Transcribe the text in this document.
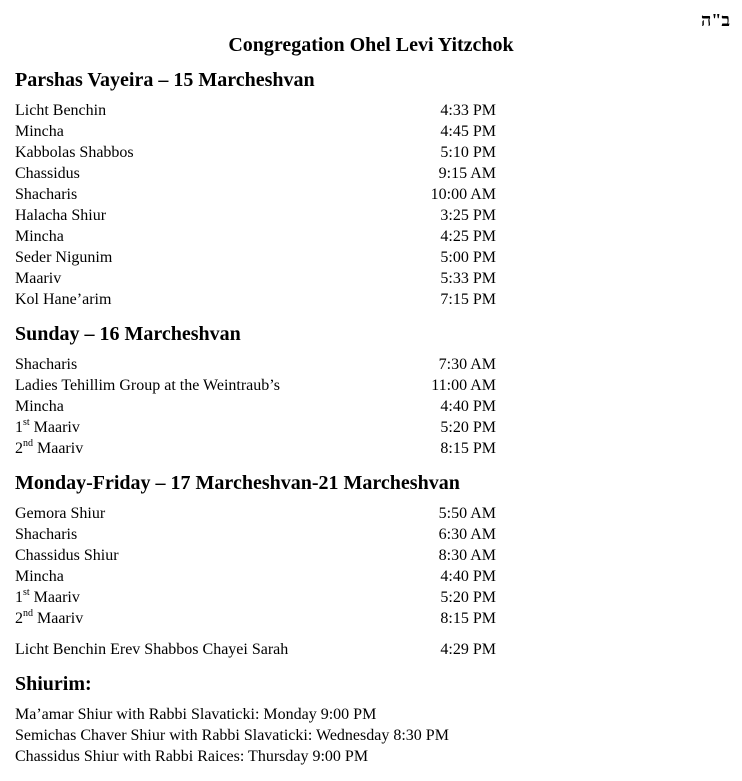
ב"ה
Congregation Ohel Levi Yitzchok
Parshas Vayeira – 15 Marcheshvan
Licht Benchin	4:33 PM
Mincha	4:45 PM
Kabbolas Shabbos	5:10 PM
Chassidus	9:15 AM
Shacharis	10:00 AM
Halacha Shiur	3:25 PM
Mincha	4:25 PM
Seder Nigunim	5:00 PM
Maariv	5:33 PM
Kol Hane’arim	7:15 PM
Sunday – 16 Marcheshvan
Shacharis	7:30 AM
Ladies Tehillim Group at the Weintraub’s	11:00 AM
Mincha	4:40 PM
1st Maariv	5:20 PM
2nd Maariv	8:15 PM
Monday-Friday – 17 Marcheshvan-21 Marcheshvan
Gemora Shiur	5:50 AM
Shacharis	6:30 AM
Chassidus Shiur	8:30 AM
Mincha	4:40 PM
1st Maariv	5:20 PM
2nd Maariv	8:15 PM
Licht Benchin Erev Shabbos Chayei Sarah	4:29 PM
Shiurim:
Ma’amar Shiur with Rabbi Slavaticki: Monday 9:00 PM
Semichas Chaver Shiur with Rabbi Slavaticki: Wednesday 8:30 PM
Chassidus Shiur with Rabbi Raices: Thursday 9:00 PM
